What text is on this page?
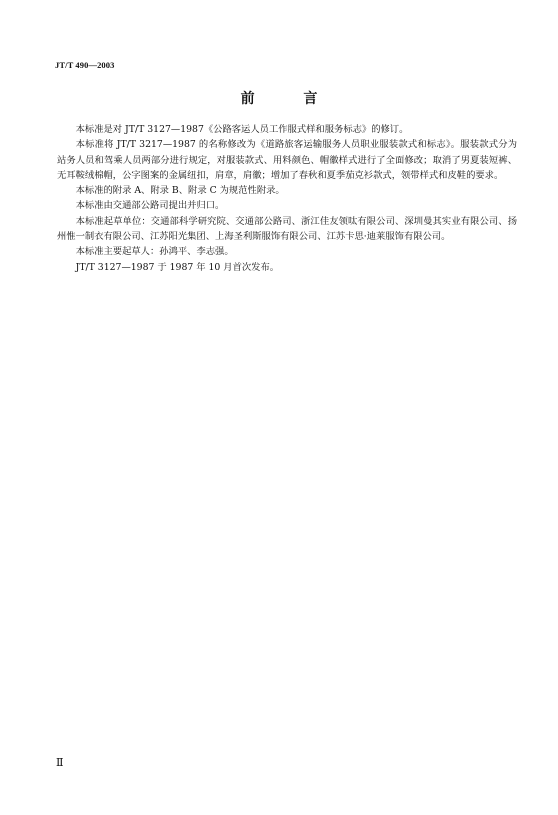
JT/T 490—2003
前 言

本标准是对 JT/T 3127—1987《公路客运人员工作服式样和服务标志》的修订。

本标准将 JT/T 3217—1987 的名称修改为《道路旅客运输服务人员职业服装款式和标志》。服装款式分为站务人员和驾乘人员两部分进行规定，对服装款式、用料颜色、帽徽样式进行了全面修改；取消了男夏装短裤、无耳鞍绒棉帽，公字图案的金属纽扣，肩章，肩徽；增加了春秋和夏季茄克衫款式，领带样式和皮鞋的要求。

本标准的附录 A、附录 B、附录 C 为规范性附录。

本标准由交通部公路司提出并归口。

本标准起草单位：交通部科学研究院、交通部公路司、浙江佳友领呔有限公司、深圳曼其实业有限公司、扬州惟一制衣有限公司、江苏阳光集团、上海圣利斯服饰有限公司、江苏卡思·迪莱服饰有限公司。

本标准主要起草人：孙鸿平、李志强。

JT/T 3127—1987 于 1987 年 10 月首次发布。

Ⅱ
